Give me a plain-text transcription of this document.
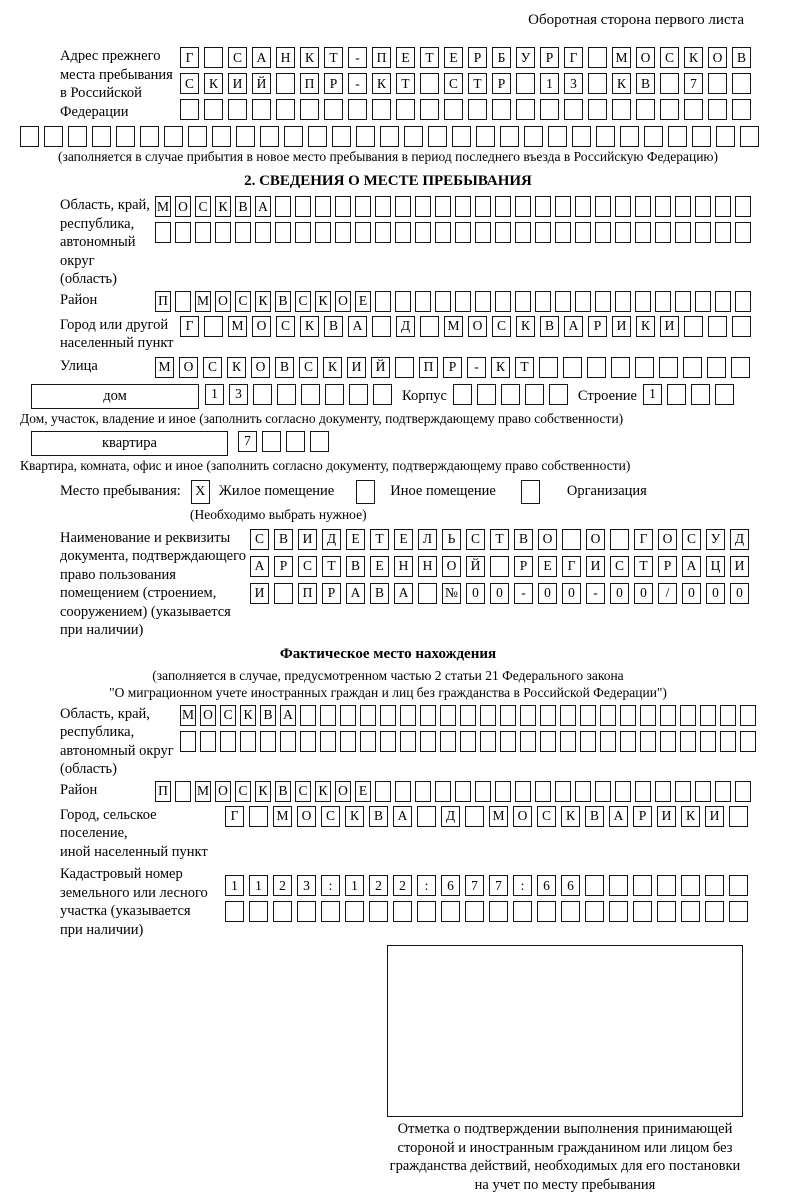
Оборотная сторона первого листа
Адрес прежнего
места пребывания
в Российской
Федерации
Г	С	А	Н	К	Т	-	П	Е	Т	Е	Р	Б	У	Р	Г	М О	С	К	О	В
С	К	И	Й	П	Р	-	К	Т	С	Т	Р	1	3	К	В	7
(заполняется в случае прибытия в новое место пребывания в период последнего въезда в Российскую Федерацию)
2. СВЕДЕНИЯ О МЕСТЕ ПРЕБЫВАНИЯ
Область, край,
республика,
автономный
округ (область)
М О С К В А
Район	П М О С К В С К О Е
Город или другой
населенный пункт
Г	М О	С	К	В	А	Д	М О	С	К	В	А	Р	И	К	И
Улица	М О	С	К	О	В	С	К	И	Й	П	Р	-	К	Т
дом	1	3	Корпус	Строение 1
Дом, участок, владение и иное (заполнить согласно документу, подтверждающему право собственности)
квартира	7
Квартира, комната, офис и иное (заполнить согласно документу, подтверждающему право собственности)
Место пребывания:	X Жилое помещение	Иное помещение	Организация
(Необходимо выбрать нужное)
Наименование и реквизиты
документа, подтверждающего
право пользования
помещением (строением,
сооружением) (указывается
при наличии)
С	В	И	Д	Е	Т	Е	Л	Ь	С	Т	В	О	О	Г	О	С	У	Д
А	Р	С	Т	В	Е	Н	Н	О	Й	Р	Е	Г	И	С	Т	Р	А	Ц	И
И	П	Р	А	В	А	№	0	0	-	0	0	-	0	0	/	0	0	0
Фактическое место нахождения
(заполняется в случае, предусмотренном частью 2 статьи 21 Федерального закона
"О миграционном учете иностранных граждан и лиц без гражданства в Российской Федерации")
Область, край,
республика,
автономный округ
(область)
М О С К В А
Район	П М О С К В С К О Е
Город, сельское поселение,
иной населенный пункт
Г	М О	С	К	В	А	Д	М О	С	К	В	А	Р	И	К	И
Кадастровый номер
земельного или лесного
участка (указывается
при наличии)
1	1	2	3	:	1	2	2	:	6	7	7	:	6	6
Отметка о подтверждении выполнения принимающей
стороной и иностранным гражданином или лицом без
гражданства действий, необходимых для его постановки
на учет по месту пребывания
